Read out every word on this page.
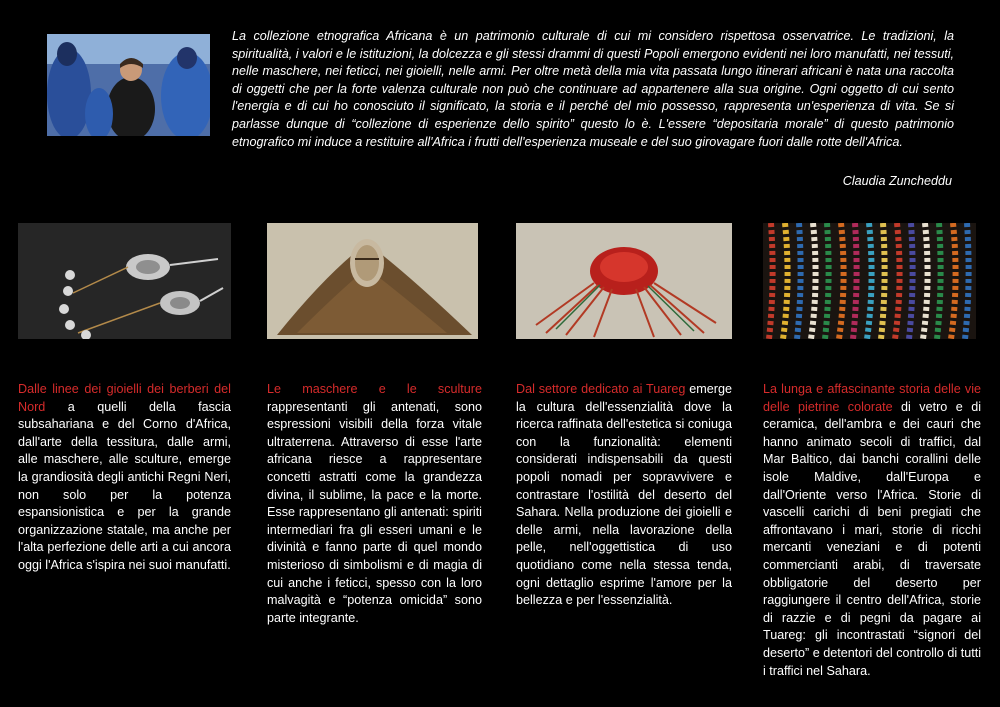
La collezione etnografica Africana è un patrimonio culturale di cui mi considero rispettosa osservatrice. Le tradizioni, la spiritualità, i valori e le istituzioni, la dolcezza e gli stessi drammi di questi Popoli emergono evidenti nei loro manufatti, nei tessuti, nelle maschere, nei feticci, nei gioielli, nelle armi. Per oltre metà della mia vita passata lungo itinerari africani è nata una raccolta di oggetti che per la forte valenza culturale non può che continuare ad appartenere alla sua origine. Ogni oggetto di cui sento l'energia e di cui ho conosciuto il significato, la storia e il perché del mio possesso, rappresenta un'esperienza di vita. Se si parlasse dunque di “collezione di esperienze dello spirito” questo lo è. L'essere “depositaria morale” di questo patrimonio etnografico mi induce a restituire all'Africa i frutti dell'esperienza museale e del suo girovagare fuori dalle rotte dell'Africa.

Claudia Zuncheddu

Dalle linee dei gioielli dei berberi del Nord a quelli della fascia subsahariana e del Corno d'Africa, dall'arte della tessitura, dalle armi, alle maschere, alle sculture, emerge la grandiosità degli antichi Regni Neri, non solo per la potenza espansionistica e per la grande organizzazione statale, ma anche per l'alta perfezione delle arti a cui ancora oggi l'Africa s'ispira nei suoi manufatti.

Le maschere e le sculture rappresentanti gli antenati, sono espressioni visibili della forza vitale ultraterrena. Attraverso di esse l'arte africana riesce a rappresentare concetti astratti come la grandezza divina, il sublime, la pace e la morte. Esse rappresentano gli antenati: spiriti intermediari fra gli esseri umani e le divinità e fanno parte di quel mondo misterioso di simbolismi e di magia di cui anche i feticci, spesso con la loro malvagità e “potenza omicida” sono parte integrante.

Dal settore dedicato ai Tuareg emerge la cultura dell'essenzialità dove la ricerca raffinata dell'estetica si coniuga con la funzionalità: elementi considerati indispensabili da questi popoli nomadi per sopravvivere e contrastare l'ostilità del deserto del Sahara. Nella produzione dei gioielli e delle armi, nella lavorazione della pelle, nell'oggettistica di uso quotidiano come nella stessa tenda, ogni dettaglio esprime l'amore per la bellezza e per l'essenzialità.

La lunga e affascinante storia delle vie delle pietrine colorate di vetro e di ceramica, dell'ambra e dei cauri che hanno animato secoli di traffici, dal Mar Baltico, dai banchi corallini delle isole Maldive, dall'Europa e dall'Oriente verso l'Africa. Storie di vascelli carichi di beni pregiati che affrontavano i mari, storie di ricchi mercanti veneziani e di potenti commercianti arabi, di traversate obbligatorie del deserto per raggiungere il centro dell'Africa, storie di razzie e di pegni da pagare ai Tuareg: gli incontrastati “signori del deserto” e detentori del controllo di tutti i traffici nel Sahara.
